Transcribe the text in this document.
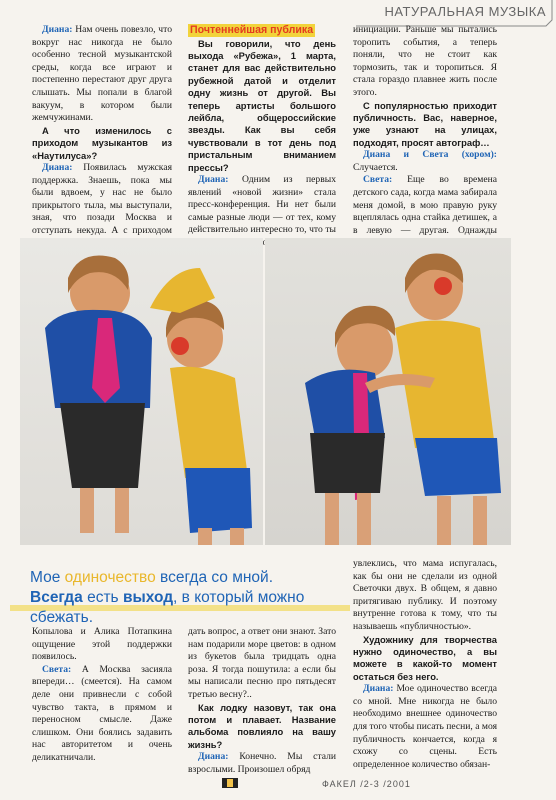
НАТУРАЛЬНАЯ МУЗЫКА

Диана: Нам очень повезло, что вокруг нас никогда не было особенно тесной музыкантской среды, когда все играют и постепенно перестают друг друга слышать. Мы попали в благой вакуум, в котором были жемчужинами.

А что изменилось с приходом музыкантов из «Наутилуса»?

Диана: Появилась мужская поддержка. Знаешь, пока мы были вдвоем, у нас не было прикрытого тыла, мы выступали, зная, что позади Москва и отступать некуда. А с приходом

Почтеннейшая публика

Вы говорили, что день выхода «Рубежа», 1 марта, станет для вас действительно рубежной датой и отделит одну жизнь от другой. Вы теперь артисты большого лейбла, общероссийские звезды. Как вы себя чувствовали в тот день под пристальным вниманием прессы?

Диана: Одним из первых явлений «новой жизни» стала пресс-конференция. Ни нет были самые разные люди — от тех, кому действительно интересно то, что ты

инициации. Раньше мы пытались торопить события, а теперь поняли, что не стоит как тормозить, так и торопиться. Я стала гораздо плавнее жить после этого.

С популярностью приходит публичность. Вас, наверное, уже узнают на улицах, подходят, просят автограф…

Диана и Света (хором): Случается.

Света: Еще во времена детского сада, когда мама забирала меня домой, в мою правую руку вцеплялась одна стайка детишек, а в левую — другая. Однажды

Мое одиночество всегда со мной. Всегда есть выход, в который можно сбежать.

Копылова и Алика Потапкина ощущение этой поддержки появилось.

Света: А Москва засияла впереди… (смеется). На самом деле они привнесли с собой чувство такта, в прямом и переносном смысле. Даже слишком. Они боялись задавить нас авторитетом и очень деликатничали.

дать вопрос, а ответ они знают. Зато нам подарили море цветов: в одном из букетов была тридцать одна роза. Я тогда пошутила: а если бы мы написали песню про пятьдесят третью весну?..

Как лодку назовут, так она потом и плавает. Название альбома повлияло на вашу жизнь?

Диана: Конечно. Мы стали взрослыми. Произошел обряд

увлеклись, что мама испугалась, как бы они не сделали из одной Светочки двух. В общем, я давно притягиваю публику. И поэтому внутренне готова к тому, что ты называешь «публичностью».

Художнику для творчества нужно одиночество, а вы можете в какой-то момент остаться без него.

Диана: Мое одиночество всегда со мной. Мне никогда не было необходимо внешнее одиночество для того чтобы писать песни, а моя публичность кончается, когда я схожу со сцены. Есть определенное количество обязан-

ФАКЕЛ /2-3 /2001
